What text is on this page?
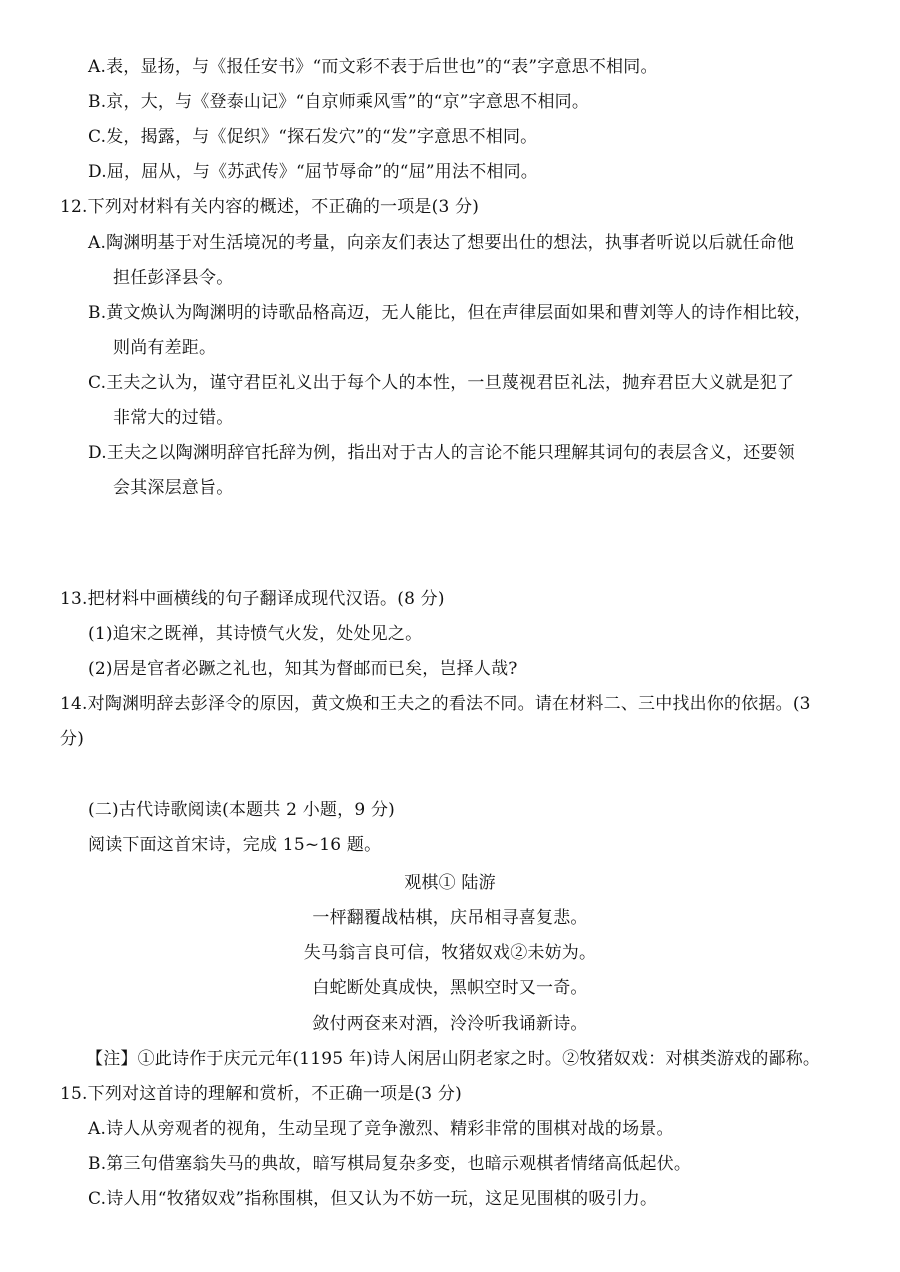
A.表，显扬，与《报任安书》“而文彩不表于后世也”的“表”字意思不相同。
B.京，大，与《登泰山记》“自京师乘风雪”的“京”字意思不相同。
C.发，揭露，与《促织》“探石发穴”的“发”字意思不相同。
D.屈，屈从，与《苏武传》“屈节辱命”的“屈”用法不相同。
12.下列对材料有关内容的概述，不正确的一项是(3 分)
A.陶渊明基于对生活境况的考量，向亲友们表达了想要出仕的想法，执事者听说以后就任命他
担任彭泽县令。
B.黄文焕认为陶渊明的诗歌品格高迈，无人能比，但在声律层面如果和曹刘等人的诗作相比较，
则尚有差距。
C.王夫之认为，谨守君臣礼义出于每个人的本性，一旦蔑视君臣礼法，抛弃君臣大义就是犯了
非常大的过错。
D.王夫之以陶渊明辞官托辞为例，指出对于古人的言论不能只理解其词句的表层含义，还要领
会其深层意旨。
13.把材料中画横线的句子翻译成现代汉语。(8 分)
(1)追宋之既禅，其诗愤气火发，处处见之。
(2)居是官者必蹶之礼也，知其为督邮而已矣，岂择人哉?
14.对陶渊明辞去彭泽令的原因，黄文焕和王夫之的看法不同。请在材料二、三中找出你的依据。(3
分)
(二)古代诗歌阅读(本题共 2 小题，9 分)
阅读下面这首宋诗，完成 15~16 题。
观棋① 陆游
一枰翻覆战枯棋，庆吊相寻喜复悲。
失马翁言良可信，牧猪奴戏②未妨为。
白蛇断处真成快，黑帜空时又一奇。
敛付两奁来对酒，泠泠听我诵新诗。
【注】①此诗作于庆元元年(1195 年)诗人闲居山阴老家之时。②牧猪奴戏：对棋类游戏的鄙称。
15.下列对这首诗的理解和赏析，不正确一项是(3 分)
A.诗人从旁观者的视角，生动呈现了竞争激烈、精彩非常的围棋对战的场景。
B.第三句借塞翁失马的典故，暗写棋局复杂多变，也暗示观棋者情绪高低起伏。
C.诗人用“牧猪奴戏”指称围棋，但又认为不妨一玩，这足见围棋的吸引力。
